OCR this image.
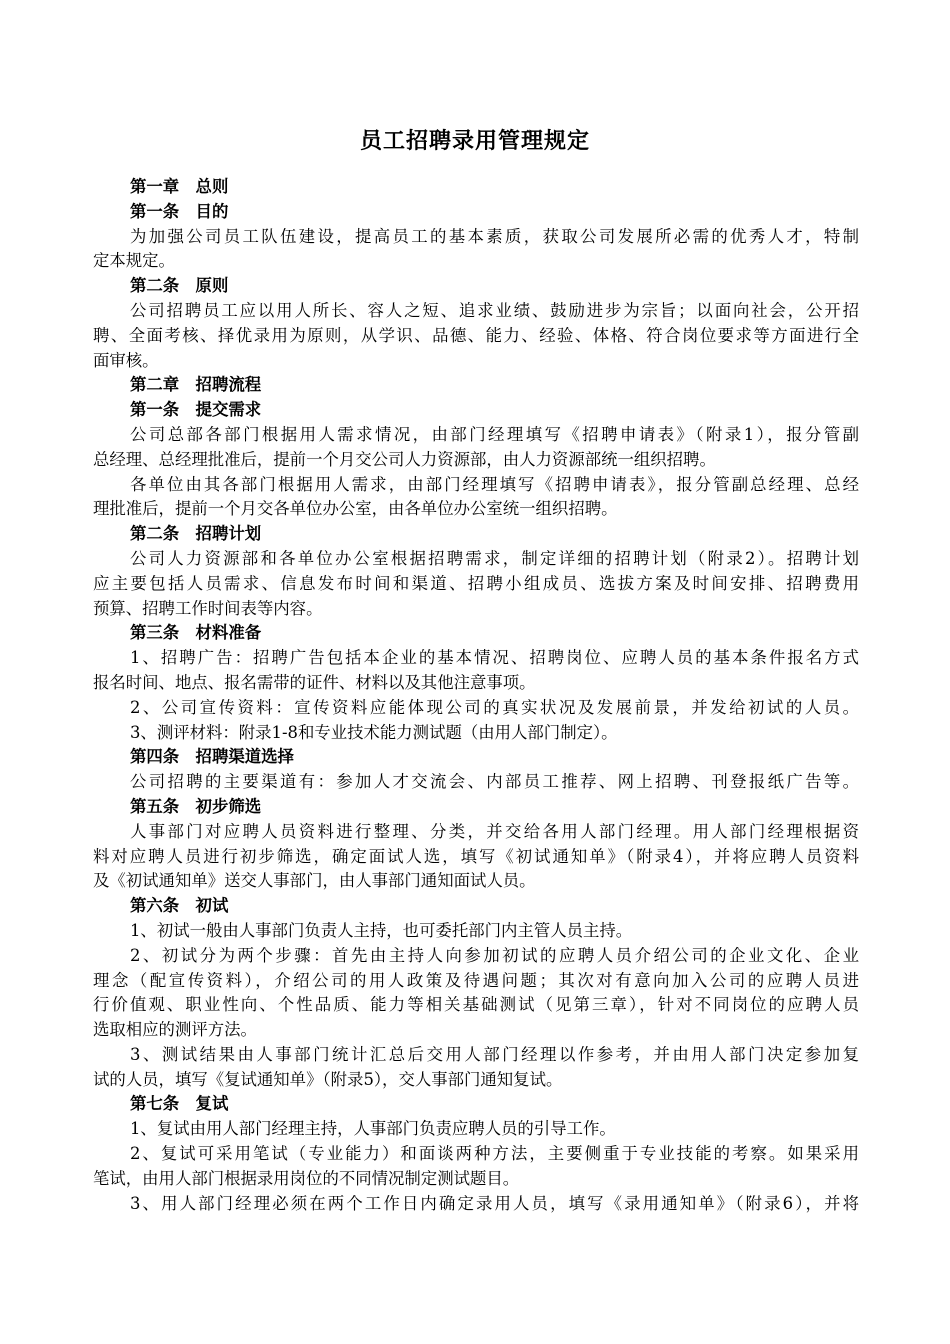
员工招聘录用管理规定
第一章　总则
第一条　目的
为加强公司员工队伍建设，提高员工的基本素质，获取公司发展所必需的优秀人才，特制
定本规定。
第二条　原则
公司招聘员工应以用人所长、容人之短、追求业绩、鼓励进步为宗旨；以面向社会，公开招
聘、全面考核、择优录用为原则，从学识、品德、能力、经验、体格、符合岗位要求等方面进行全
面审核。
第二章　招聘流程
第一条　提交需求
公司总部各部门根据用人需求情况，由部门经理填写《招聘申请表》（附录1），报分管副
总经理、总经理批准后，提前一个月交公司人力资源部，由人力资源部统一组织招聘。
各单位由其各部门根据用人需求，由部门经理填写《招聘申请表》，报分管副总经理、总经
理批准后，提前一个月交各单位办公室，由各单位办公室统一组织招聘。
第二条　招聘计划
公司人力资源部和各单位办公室根据招聘需求，制定详细的招聘计划（附录2）。招聘计划
应主要包括人员需求、信息发布时间和渠道、招聘小组成员、选拔方案及时间安排、招聘费用
预算、招聘工作时间表等内容。
第三条　材料准备
1、招聘广告：招聘广告包括本企业的基本情况、招聘岗位、应聘人员的基本条件报名方式
报名时间、地点、报名需带的证件、材料以及其他注意事项。
2、公司宣传资料：宣传资料应能体现公司的真实状况及发展前景，并发给初试的人员。
3、测评材料：附录1-8和专业技术能力测试题（由用人部门制定）。
第四条　招聘渠道选择
公司招聘的主要渠道有：参加人才交流会、内部员工推荐、网上招聘、刊登报纸广告等。
第五条　初步筛选
人事部门对应聘人员资料进行整理、分类，并交给各用人部门经理。用人部门经理根据资
料对应聘人员进行初步筛选，确定面试人选，填写《初试通知单》（附录4），并将应聘人员资料
及《初试通知单》送交人事部门，由人事部门通知面试人员。
第六条　初试
1、初试一般由人事部门负责人主持，也可委托部门内主管人员主持。
2、初试分为两个步骤：首先由主持人向参加初试的应聘人员介绍公司的企业文化、企业
理念（配宣传资料），介绍公司的用人政策及待遇问题；其次对有意向加入公司的应聘人员进
行价值观、职业性向、个性品质、能力等相关基础测试（见第三章），针对不同岗位的应聘人员
选取相应的测评方法。
3、测试结果由人事部门统计汇总后交用人部门经理以作参考，并由用人部门决定参加复
试的人员，填写《复试通知单》（附录5），交人事部门通知复试。
第七条　复试
1、复试由用人部门经理主持，人事部门负责应聘人员的引导工作。
2、复试可采用笔试（专业能力）和面谈两种方法，主要侧重于专业技能的考察。如果采用
笔试，由用人部门根据录用岗位的不同情况制定测试题目。
3、用人部门经理必须在两个工作日内确定录用人员，填写《录用通知单》（附录6），并将
